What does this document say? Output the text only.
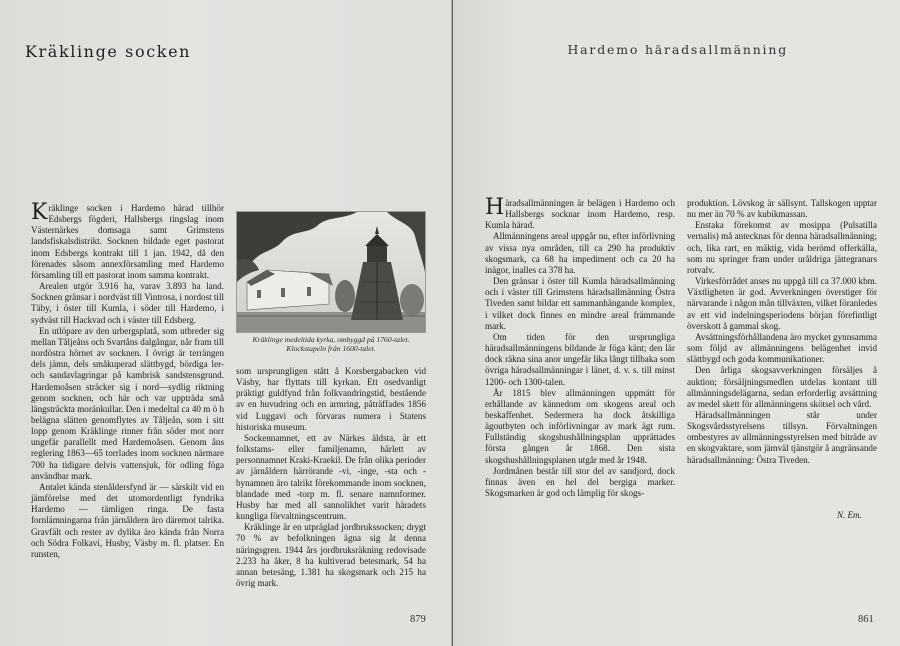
Kräklinge socken

Kräklinge socken i Hardemo härad tillhör Edsbergs fögderi, Hallsbergs tingslag inom Västernärkes domsaga samt Grimstens landsfiskalsdistrikt. Socknen bildade eget pastorat inom Edsbergs kontrakt till 1 jan. 1942, då den förenades såsom annexförsamling med Hardemo församling till ett pastorat inom samma kontrakt.

Arealen utgör 3.916 ha, varav 3.893 ha land. Socknen gränsar i nordväst till Vintrosa, i nordost till Täby, i öster till Kumla, i söder till Hardemo, i sydväst till Hackvad och i väster till Edsberg.

En utlöpare av den urbergsplatå, som utbreder sig mellan Tåljeåns och Svartåns dalgångar, når fram till nordöstra hörnet av socknen. I övrigt är terrängen dels jämn, dels småkuperad slättbygd, bördiga ler- och sandavlagringar på kambrisk sandstensgrund. Hardemoåsen sträcker sig i nord—sydlig riktning genom socknen, och här och var uppträda små längsträckta moränkullar. Den i medeltal ca 40 m ö h belägna slätten genomflytes av Tåljeån, som i sitt lopp genom Kräklinge rinner från söder mot norr ungefär parallellt med Hardemoåsen. Genom åns reglering 1863—65 torrlades inom socknen närmare 700 ha tidigare delvis vattensjuk, för odling föga användbar mark.

Antalet kända stenåldersfynd är — särskilt vid en jämförelse med det utomordentligt fyndrika Hardemo — tämligen ringa. De fasta fornlämningarna från järnåldern äro däremot talrika. Gravfält och rester av dylika äro kända från Norra och Södra Folkavi, Husby, Väsby m. fl. platser. En runsten,

Kräklinge medeltida kyrka, ombyggd på 1760-talet.
Klockstapeln från 1600-talet.

som ursprungligen stått å Korsbergabacken vid Väsby, har flyttats till kyrkan. Ett osedvanligt präktigt guldfynd från folkvandringstid, bestående av en huvudring och en armring, påträffades 1856 vid Luggavi och förvaras numera i Statens historiska museum.

Sockennamnet, ett av Närkes äldsta, är ett folkstams- eller familjenamn, härlett av personnamnet Kraki-Kraekil. De från olika perioder av järnåldern härrörande -vi, -inge, -sta och -bynamnen äro talrikt förekommande inom socknen, blandade med -torp m. fl. senare namnformer. Husby har med all sannolikhet varit häradets kungliga förvaltningscentrum.

Kräklinge är en utpräglad jordbrukssocken; drygt 70 % av befolkningen ägna sig åt denna näringsgren. 1944 års jordbruksräkning redovisade 2.233 ha åker, 8 ha kultiverad betesmark, 54 ha annan betesäng, 1.381 ha skogsmark och 215 ha övrig mark.

879
Hardemo häradsallmänning

Häradsallmänningen är belägen i Hardemo och Hallsbergs socknar inom Hardemo, resp. Kumla härad.

Allmänningens areal uppgår nu, efter införlivning av vissa nya områden, till ca 290 ha produktiv skogsmark, ca 68 ha impediment och ca 20 ha inägor, inalles ca 378 ha.

Den gränsar i öster till Kumla häradsallmänning och i väster till Grimstens häradsallmänning Östra Tiveden samt bildar ett sammanhängande komplex, i vilket dock finnes en mindre areal främmande mark.

Om tiden för den ursprungliga häradsallmänningens bildande är föga känt; den lär dock räkna sina anor ungefär lika långt tillbaka som övriga häradsallmänningar i länet, d. v. s. till minst 1200- och 1300-talen.

År 1815 blev allmänningen uppmätt för erhållande av kännedom om skogens areal och beskaffenhet. Sedermera ha dock åtskilliga ägoutbyten och införlivningar av mark ägt rum. Fullständig skogshushållningsplan upprättades första gången år 1868. Den sista skogshushållningsplanen utgår med år 1948.

Jordmånen består till stor del av sandjord, dock finnas även en hel del bergiga marker. Skogsmarken är god och lämplig för skogs-

produktion. Lövskog är sällsynt. Tallskogen upptar nu mer än 70 % av kubikmassan.

Enstaka förekomst av mosippa (Pulsatilla vernalis) må antecknas för denna häradsallmänning; och, lika rart, en mäktig, vida berömd offerkälla, som nu springer fram under uråldriga jättegranars rotvalv.

Virkesförrådet anses nu uppgå till ca 37.000 kbm. Växtligheten är god. Avverkningen överstiger för närvarande i någon mån tillväxten, vilket föranledes av ett vid indelningsperiodens början förefintligt överskott å gammal skog.

Avsättningsförhållandena äro mycket gynnsamma som följd av allmänningens belägenhet invid slättbygd och goda kommunikationer.

Den årliga skogsavverkningen försäljes å auktion; försäljningsmedlen utdelas kontant till allmänningsdelägarna, sedan erforderlig avsättning av medel skett för allmänningens skötsel och vård.

Häradsallmänningen står under Skogsvårdsstyrelsens tillsyn. Förvaltningen ombestyres av allmänningsstyrelsen med biträde av en skogvaktare, som jämväl tjänstgör å angränsande häradsallmänning: Östra Tiveden.

N. Em.
861
